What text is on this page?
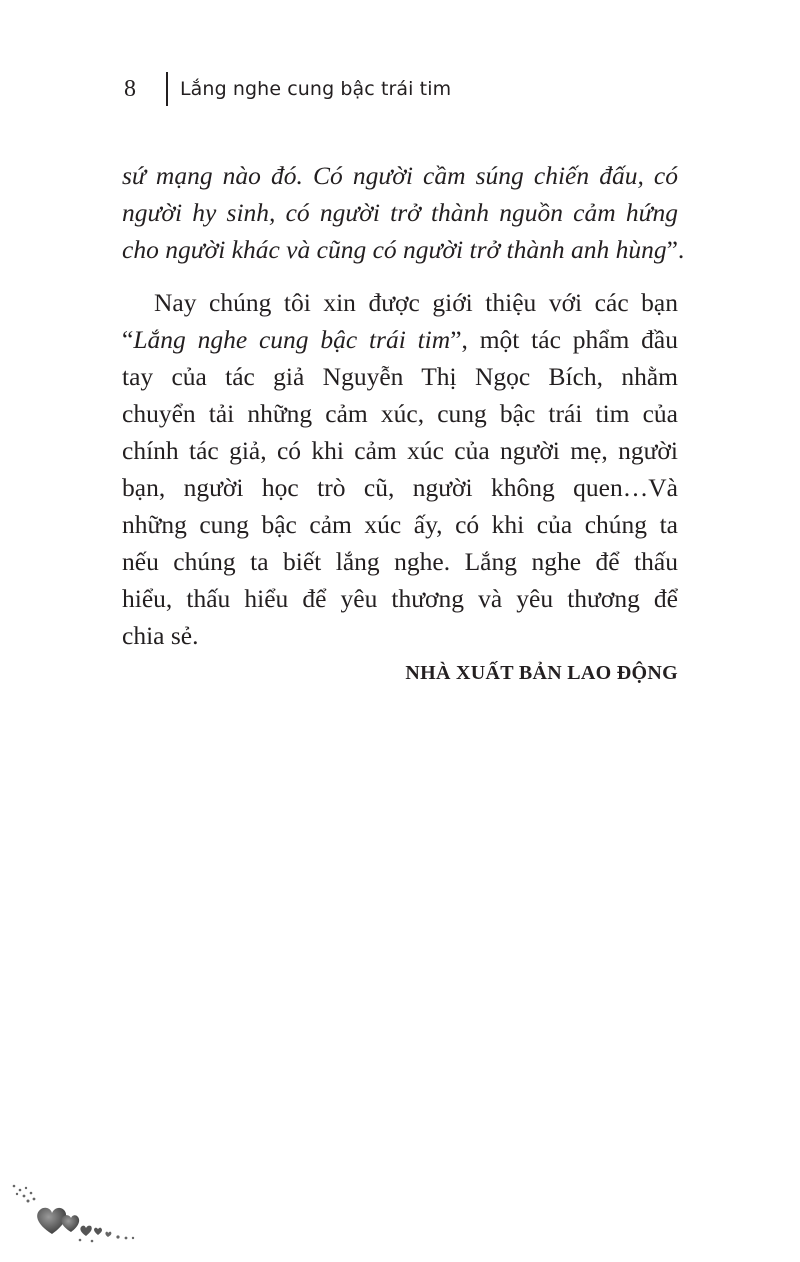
8	Lắng nghe cung bậc trái tim
sứ mạng nào đó. Có người cầm súng chiến đấu, có
người hy sinh, có người trở thành nguồn cảm hứng
cho người khác và cũng có người trở thành anh hùng”.
Nay chúng tôi xin được giới thiệu với các bạn
“Lắng nghe cung bậc trái tim”, một tác phẩm đầu
tay của tác giả Nguyễn Thị Ngọc Bích, nhằm
chuyển tải những cảm xúc, cung bậc trái tim của
chính tác giả, có khi cảm xúc của người mẹ, người
bạn, người học trò cũ, người không quen…Và
những cung bậc cảm xúc ấy, có khi của chúng ta
nếu chúng ta biết lắng nghe. Lắng nghe để thấu
hiểu, thấu hiểu để yêu thương và yêu thương để
chia sẻ.
NHÀ XUẤT BẢN LAO ĐỘNG
